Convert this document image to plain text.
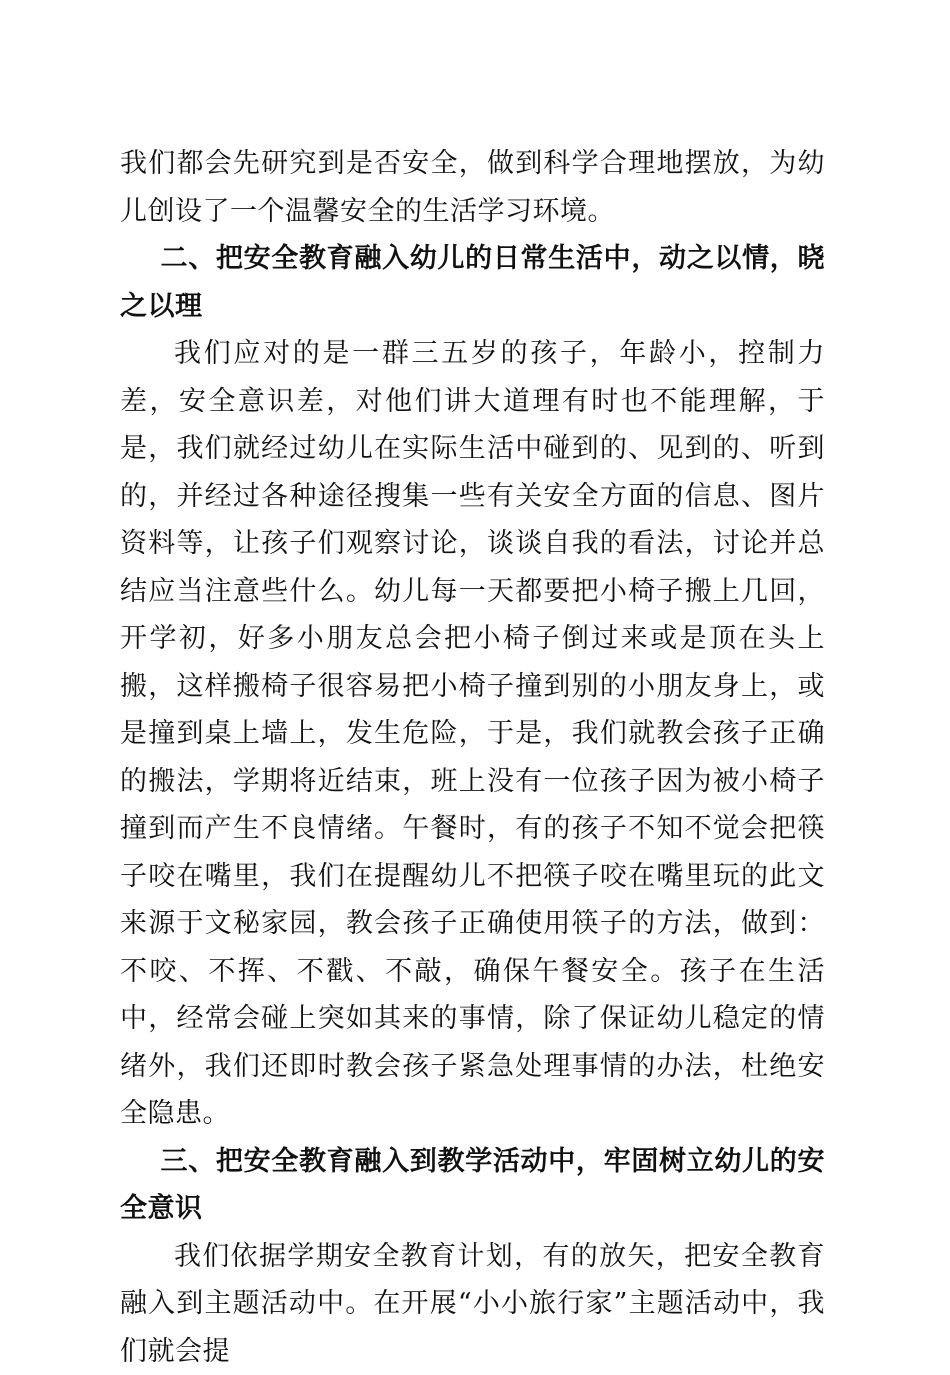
我们都会先研究到是否安全，做到科学合理地摆放，为幼儿创设了一个温馨安全的生活学习环境。

二、把安全教育融入幼儿的日常生活中，动之以情，晓之以理

我们应对的是一群三五岁的孩子，年龄小，控制力差，安全意识差，对他们讲大道理有时也不能理解，于是，我们就经过幼儿在实际生活中碰到的、见到的、听到的，并经过各种途径搜集一些有关安全方面的信息、图片资料等，让孩子们观察讨论，谈谈自我的看法，讨论并总结应当注意些什么。幼儿每一天都要把小椅子搬上几回，开学初，好多小朋友总会把小椅子倒过来或是顶在头上搬，这样搬椅子很容易把小椅子撞到别的小朋友身上，或是撞到桌上墙上，发生危险，于是，我们就教会孩子正确的搬法，学期将近结束，班上没有一位孩子因为被小椅子撞到而产生不良情绪。午餐时，有的孩子不知不觉会把筷子咬在嘴里，我们在提醒幼儿不把筷子咬在嘴里玩的此文来源于文秘家园，教会孩子正确使用筷子的方法，做到：不咬、不挥、不戳、不敲，确保午餐安全。孩子在生活中，经常会碰上突如其来的事情，除了保证幼儿稳定的情绪外，我们还即时教会孩子紧急处理事情的办法，杜绝安全隐患。

三、把安全教育融入到教学活动中，牢固树立幼儿的安全意识

我们依据学期安全教育计划，有的放矢，把安全教育融入到主题活动中。在开展“小小旅行家”主题活动中，我们就会提
